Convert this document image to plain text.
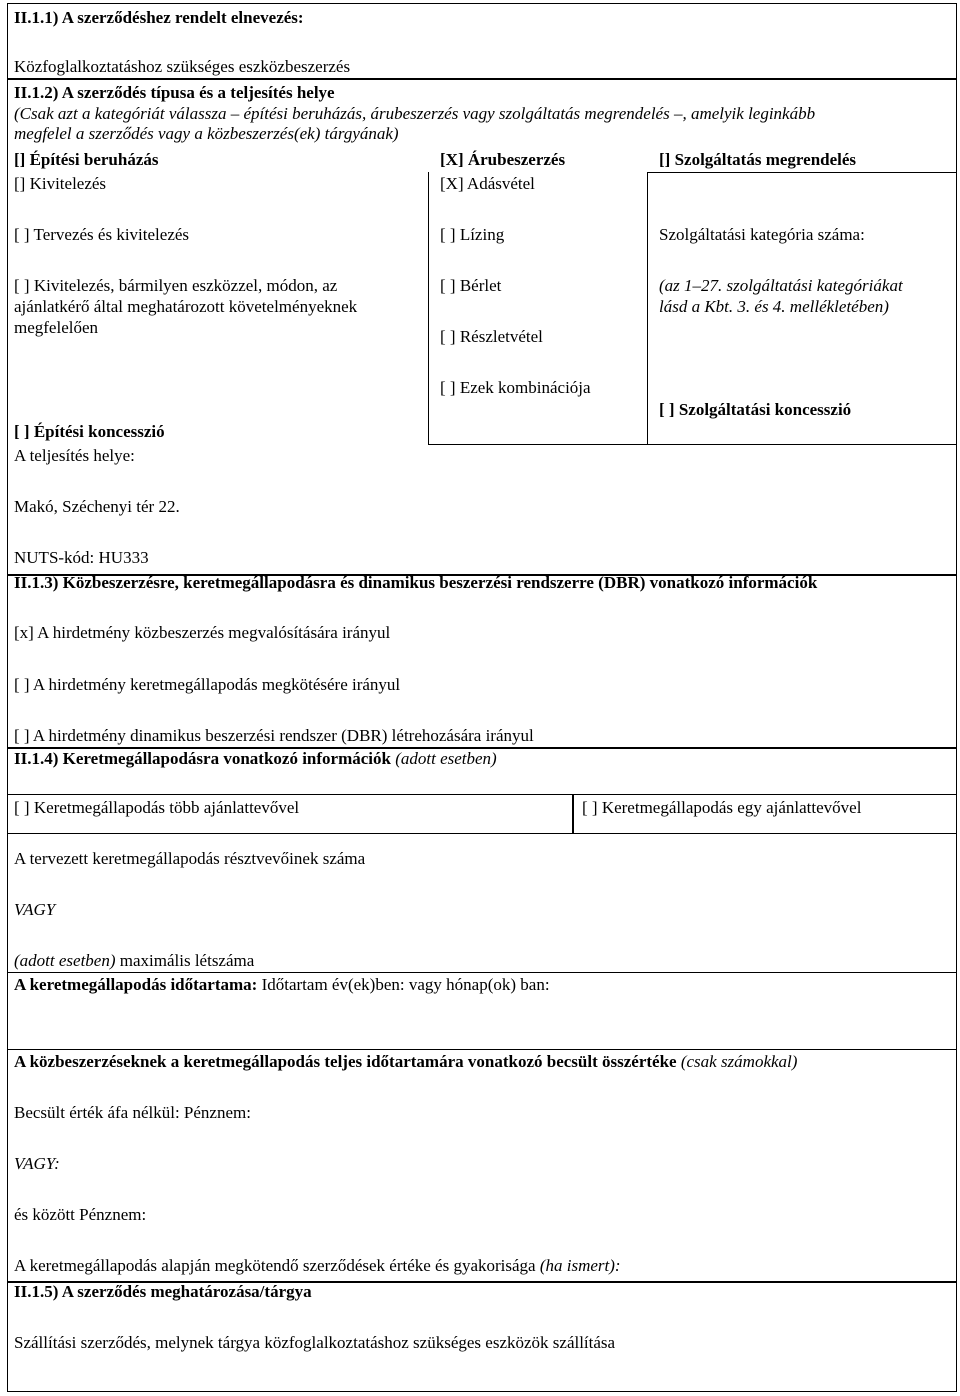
II.1.1) A szerződéshez rendelt elnevezés:
Közfoglalkoztatáshoz szükséges eszközbeszerzés
II.1.2) A szerződés típusa és a teljesítés helye
(Csak azt a kategóriát válassza – építési beruházás, árubeszerzés vagy szolgáltatás megrendelés –, amelyik leginkább
megfelel a szerződés vagy a közbeszerzés(ek) tárgyának)
[] Építési beruházás
[] Kivitelezés
[ ] Tervezés és kivitelezés
[ ] Kivitelezés, bármilyen eszközzel, módon, az
ajánlatkérő által meghatározott követelményeknek
megfelelően
[ ] Építési koncesszió
[X] Árubeszerzés
[X] Adásvétel
[ ] Lízing
[ ] Bérlet
[ ] Részletvétel
[ ] Ezek kombinációja
[] Szolgáltatás megrendelés
Szolgáltatási kategória száma:
(az 1–27. szolgáltatási kategóriákat
lásd a Kbt. 3. és 4. mellékletében)
[ ] Szolgáltatási koncesszió
A teljesítés helye:
Makó, Széchenyi tér 22.
NUTS-kód: HU333
II.1.3) Közbeszerzésre, keretmegállapodásra és dinamikus beszerzési rendszerre (DBR) vonatkozó információk
[x] A hirdetmény közbeszerzés megvalósítására irányul
[ ] A hirdetmény keretmegállapodás megkötésére irányul
[ ] A hirdetmény dinamikus beszerzési rendszer (DBR) létrehozására irányul
II.1.4) Keretmegállapodásra vonatkozó információk (adott esetben)
[ ] Keretmegállapodás több ajánlattevővel	[ ] Keretmegállapodás egy ajánlattevővel
A tervezett keretmegállapodás résztvevőinek száma
VAGY
(adott esetben) maximális létszáma
A keretmegállapodás időtartama: Időtartam év(ek)ben: vagy hónap(ok) ban:
A közbeszerzéseknek a keretmegállapodás teljes időtartamára vonatkozó becsült összértéke (csak számokkal)
Becsült érték áfa nélkül: Pénznem:
VAGY:
és között Pénznem:
A keretmegállapodás alapján megkötendő szerződések értéke és gyakorisága (ha ismert):
II.1.5) A szerződés meghatározása/tárgya
Szállítási szerződés, melynek tárgya közfoglalkoztatáshoz szükséges eszközök szállítása
